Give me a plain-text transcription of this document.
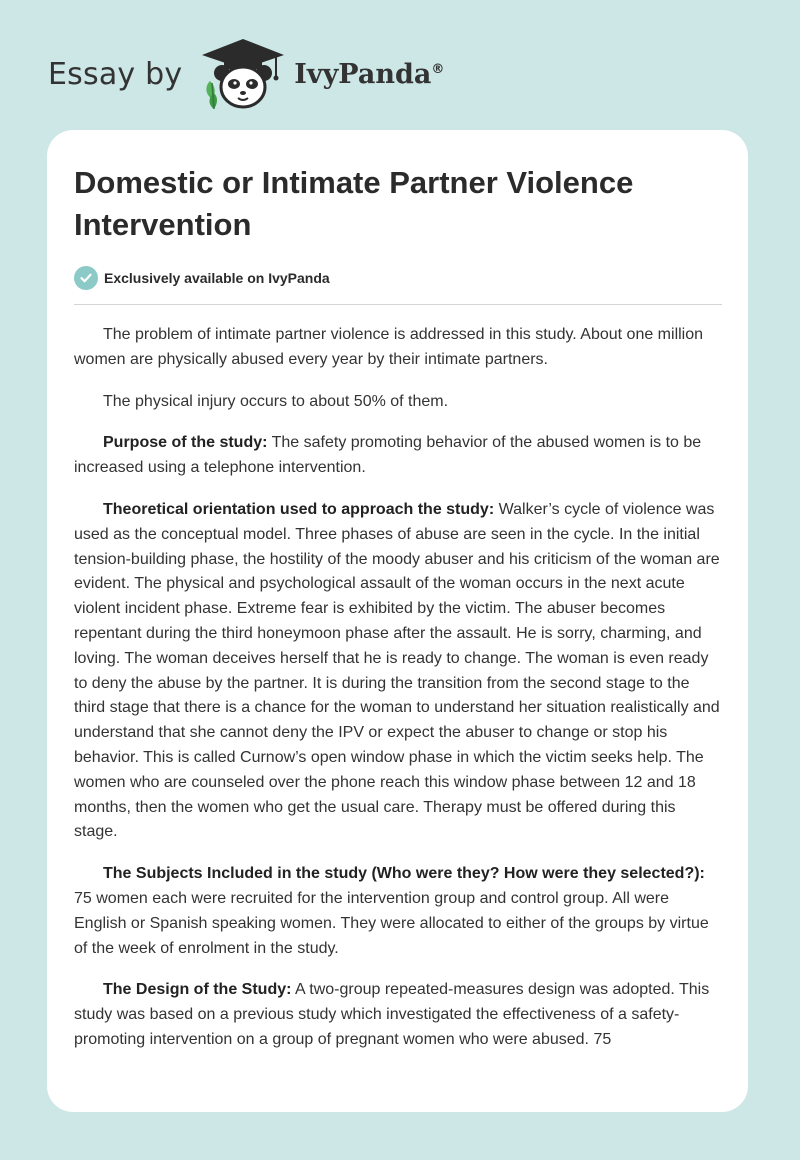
Essay by	IvyPanda®
Domestic or Intimate Partner Violence Intervention
Exclusively available on IvyPanda

The problem of intimate partner violence is addressed in this study. About one million women are physically abused every year by their intimate partners.

The physical injury occurs to about 50% of them.

Purpose of the study: The safety promoting behavior of the abused women is to be increased using a telephone intervention.

Theoretical orientation used to approach the study: Walker’s cycle of violence was used as the conceptual model. Three phases of abuse are seen in the cycle. In the initial tension-building phase, the hostility of the moody abuser and his criticism of the woman are evident. The physical and psychological assault of the woman occurs in the next acute violent incident phase. Extreme fear is exhibited by the victim. The abuser becomes repentant during the third honeymoon phase after the assault. He is sorry, charming, and loving. The woman deceives herself that he is ready to change. The woman is even ready to deny the abuse by the partner. It is during the transition from the second stage to the third stage that there is a chance for the woman to understand her situation realistically and understand that she cannot deny the IPV or expect the abuser to change or stop his behavior. This is called Curnow’s open window phase in which the victim seeks help. The women who are counseled over the phone reach this window phase between 12 and 18 months, then the women who get the usual care. Therapy must be offered during this stage.

The Subjects Included in the study (Who were they? How were they selected?): 75 women each were recruited for the intervention group and control group. All were English or Spanish speaking women. They were allocated to either of the groups by virtue of the week of enrolment in the study.

The Design of the Study: A two-group repeated-measures design was adopted. This study was based on a previous study which investigated the effectiveness of a safety-promoting intervention on a group of pregnant women who were abused. 75
